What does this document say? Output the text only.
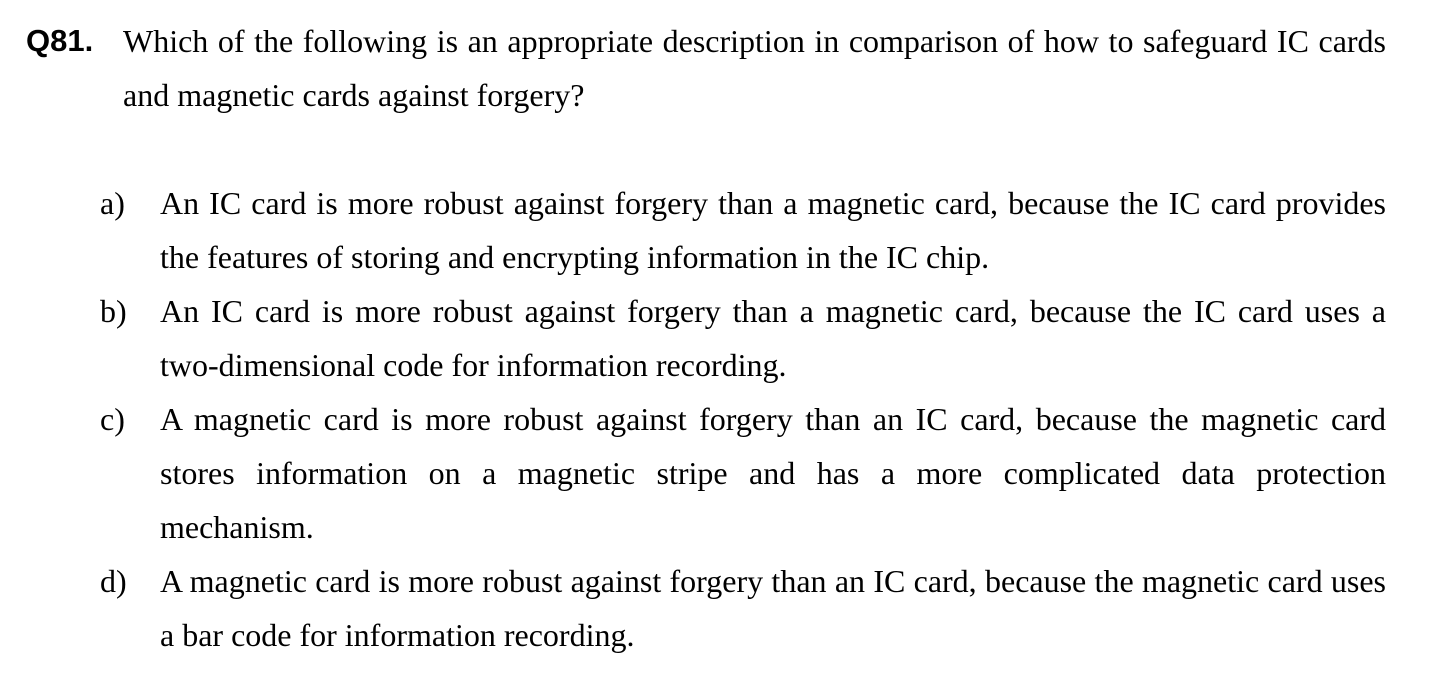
Q81. Which of the following is an appropriate description in comparison of how to safeguard IC cards and magnetic cards against forgery?
a) An IC card is more robust against forgery than a magnetic card, because the IC card provides the features of storing and encrypting information in the IC chip.
b) An IC card is more robust against forgery than a magnetic card, because the IC card uses a two-dimensional code for information recording.
c) A magnetic card is more robust against forgery than an IC card, because the magnetic card stores information on a magnetic stripe and has a more complicated data protection mechanism.
d) A magnetic card is more robust against forgery than an IC card, because the magnetic card uses a bar code for information recording.
